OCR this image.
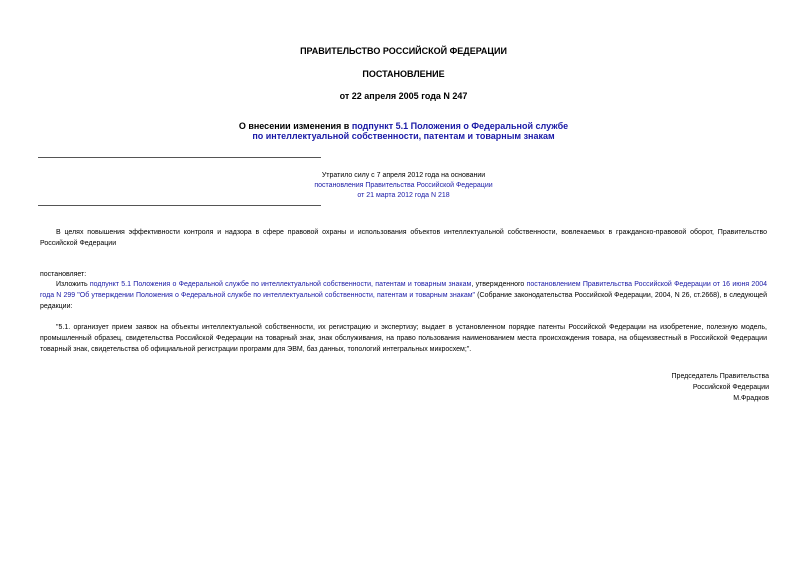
ПРАВИТЕЛЬСТВО РОССИЙСКОЙ ФЕДЕРАЦИИ
ПОСТАНОВЛЕНИЕ
от 22 апреля 2005 года N 247
О внесении изменения в подпункт 5.1 Положения о Федеральной службе
по интеллектуальной собственности, патентам и товарным знакам
Утратило силу с 7 апреля 2012 года на основании
постановления Правительства Российской Федерации
от 21 марта 2012 года N 218
В целях повышения эффективности контроля и надзора в сфере правовой охраны и использования объектов интеллектуальной собственности, вовлекаемых в гражданско-правовой оборот, Правительство Российской Федерации
постановляет:
Изложить подпункт 5.1 Положения о Федеральной службе по интеллектуальной собственности, патентам и товарным знакам, утвержденного постановлением Правительства Российской Федерации от 16 июня 2004 года N 299 "Об утверждении Положения о Федеральной службе по интеллектуальной собственности, патентам и товарным знакам" (Собрание законодательства Российской Федерации, 2004, N 26, ст.2668), в следующей редакции:
"5.1. организует прием заявок на объекты интеллектуальной собственности, их регистрацию и экспертизу; выдает в установленном порядке патенты Российской Федерации на изобретение, полезную модель, промышленный образец, свидетельства Российской Федерации на товарный знак, знак обслуживания, на право пользования наименованием места происхождения товара, на общеизвестный в Российской Федерации товарный знак, свидетельства об официальной регистрации программ для ЭВМ, баз данных, топологий интегральных микросхем;".
Председатель Правительства
Российской Федерации
М.Фрадков
